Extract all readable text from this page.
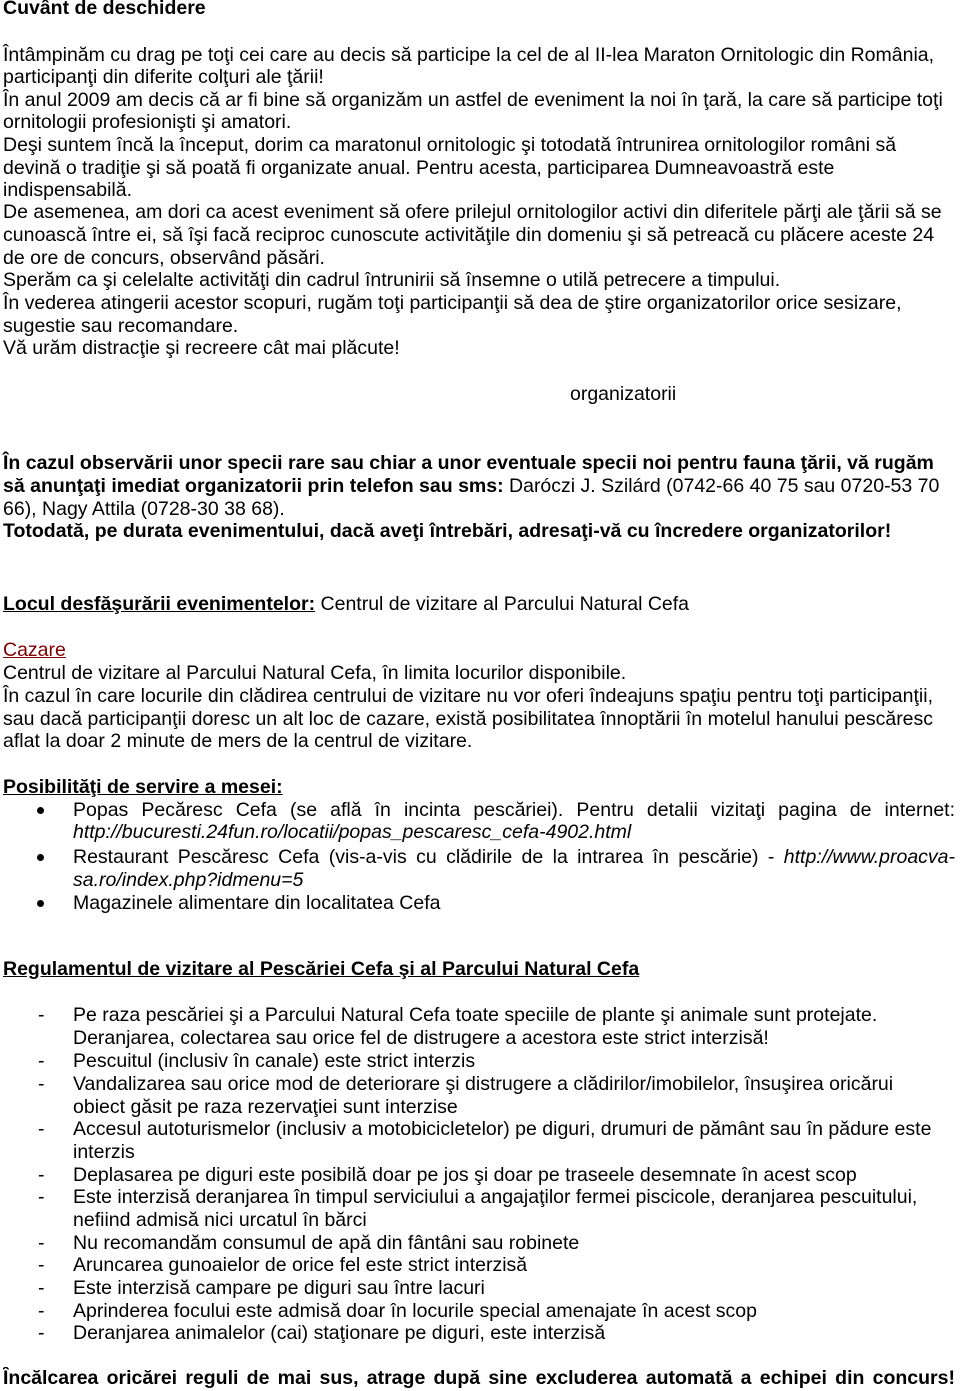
Cuvânt de deschidere
Întâmpinăm cu drag pe toţi cei care au decis să participe la cel de al II-lea Maraton Ornitologic din România,
participanţi din diferite colţuri ale ţării!
În anul 2009 am decis că ar fi bine să organizăm un astfel de eveniment la noi în ţară, la care să participe toţi
ornitologii profesionişti şi amatori.
Deşi suntem încă la început, dorim ca maratonul ornitologic şi totodată întrunirea ornitologilor români să
devină o tradiţie şi să poată fi organizate anual. Pentru acesta, participarea Dumneavoastră este
indispensabilă.
De asemenea, am dori ca acest eveniment să ofere prilejul ornitologilor activi din diferitele părţi ale ţării să se
cunoască între ei, să îşi facă reciproc cunoscute activităţile din domeniu şi să petreacă cu plăcere aceste 24
de ore de concurs, observând păsări.
Sperăm ca şi celelalte activităţi din cadrul întrunirii să însemne o utilă petrecere a timpului.
În vederea atingerii acestor scopuri, rugăm toţi participanţii să dea de ştire organizatorilor orice sesizare,
sugestie sau recomandare.
Vă urăm distracţie şi recreere cât mai plăcute!
organizatorii
În cazul observării unor specii rare sau chiar a unor eventuale specii noi pentru fauna ţării, vă rugăm
să anunţaţi imediat organizatorii prin telefon sau sms: Daróczi J. Szilárd (0742-66 40 75 sau 0720-53 70
66), Nagy Attila (0728-30 38 68).
Totodată, pe durata evenimentului, dacă aveţi întrebări, adresaţi-vă cu încredere organizatorilor!
Locul desfăşurării evenimentelor: Centrul de vizitare al Parcului Natural Cefa
Cazare
Centrul de vizitare al Parcului Natural Cefa, în limita locurilor disponibile.
În cazul în care locurile din clădirea centrului de vizitare nu vor oferi îndeajuns spaţiu pentru toţi participanţii,
sau dacă participanţii doresc un alt loc de cazare, există posibilitatea înnoptării în motelul hanului pescăresc
aflat la doar 2 minute de mers de la centrul de vizitare.
Posibilităţi de servire a mesei:
Popas Pecăresc Cefa (se află în incinta pescăriei). Pentru detalii vizitaţi pagina de internet:
http://bucuresti.24fun.ro/locatii/popas_pescaresc_cefa-4902.html
Restaurant Pescăresc Cefa (vis-a-vis cu clădirile de la intrarea în pescărie) - http://www.proacva-
sa.ro/index.php?idmenu=5
Magazinele alimentare din localitatea Cefa
Regulamentul de vizitare al Pescăriei Cefa şi al Parcului Natural Cefa
- Pe raza pescăriei şi a Parcului Natural Cefa toate speciile de plante şi animale sunt protejate.
Deranjarea, colectarea sau orice fel de distrugere a acestora este strict interzisă!
- Pescuitul (inclusiv în canale) este strict interzis
- Vandalizarea sau orice mod de deteriorare şi distrugere a clădirilor/imobilelor, însuşirea oricărui
obiect găsit pe raza rezervaţiei sunt interzise
- Accesul autoturismelor (inclusiv a motobicicletelor) pe diguri, drumuri de pământ sau în pădure este
interzis
- Deplasarea pe diguri este posibilă doar pe jos şi doar pe traseele desemnate în acest scop
- Este interzisă deranjarea în timpul serviciului a angajaţilor fermei piscicole, deranjarea pescuitului,
nefiind admisă nici urcatul în bărci
- Nu recomandăm consumul de apă din fântâni sau robinete
- Aruncarea gunoaielor de orice fel este strict interzisă
- Este interzisă campare pe diguri sau între lacuri
- Aprinderea focului este admisă doar în locurile special amenajate în acest scop
- Deranjarea animalelor (cai) staţionare pe diguri, este interzisă
Încălcarea oricărei reguli de mai sus, atrage după sine excluderea automată a echipei din concurs!
